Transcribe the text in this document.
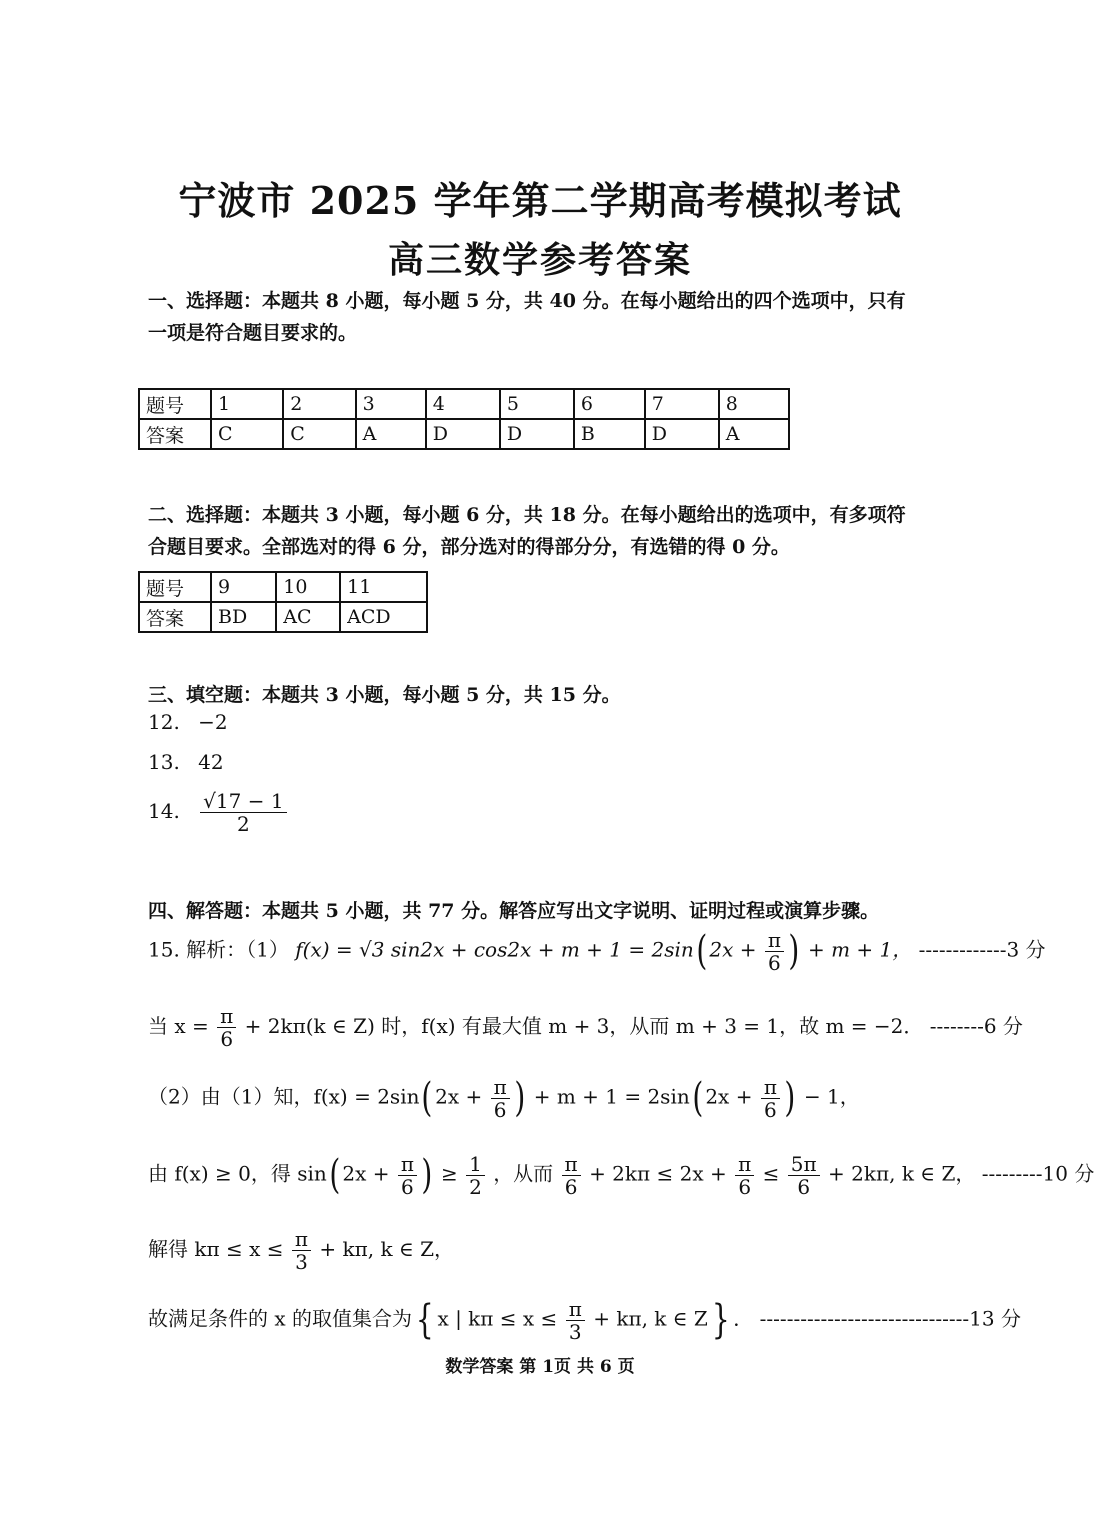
宁波市 2025 学年第二学期高考模拟考试
高三数学参考答案
一、选择题：本题共 8 小题，每小题 5 分，共 40 分。在每小题给出的四个选项中，只有
一项是符合题目要求的。
题号	1	2	3	4	5	6	7	8
答案	C	C	A	D	D	B	D	A
二、选择题：本题共 3 小题，每小题 6 分，共 18 分。在每小题给出的选项中，有多项符
合题目要求。全部选对的得 6 分，部分选对的得部分分，有选错的得 0 分。
题号	9	10	11
答案	BD	AC	ACD
三、填空题：本题共 3 小题，每小题 5 分，共 15 分。
12. −2
13. 42
14. $\frac{√17 - 1}{2}$
四、解答题：本题共 5 小题，共 77 分。解答应写出文字说明、证明过程或演算步骤。
15. 解析：（1） f(x) = √3 sin2x + cos2x + m + 1 = 2sin( $2x + \frac{\pi}{6}$ ) + m + 1， -------------3 分
当 $x = \frac{\pi}{6} + 2k\pi(k$ ∈ Z) 时，f(x) 有最大值 m + 3，从而 m + 3 = 1，故 m = −2． --------6 分
（2）由（1）知，f(x) = 2sin( $2x + \frac{\pi}{6}$ ) + m + 1 = 2sin( $2x + \frac{\pi}{6}$ ) − 1，
由 f(x) ≥ 0，得 sin( $2x + \frac{\pi}{6}$ ) ≥ $\frac{1}{2}$ ，从而 $\frac{\pi}{6} + 2k\pi \le 2x + \frac{\pi}{6} \le \frac{5\pi}{6} + 2k\pi$, k ∈ Z， ---------10 分
解得 $k\pi \le x \le \frac{\pi}{3} + k\pi$, k ∈ Z，
故满足条件的 x 的取值集合为{ x | $k\pi \le x \le \frac{\pi}{3} + k\pi$, k ∈ Z} ． -------------------------------13 分
数学答案 第 1页 共 6 页
